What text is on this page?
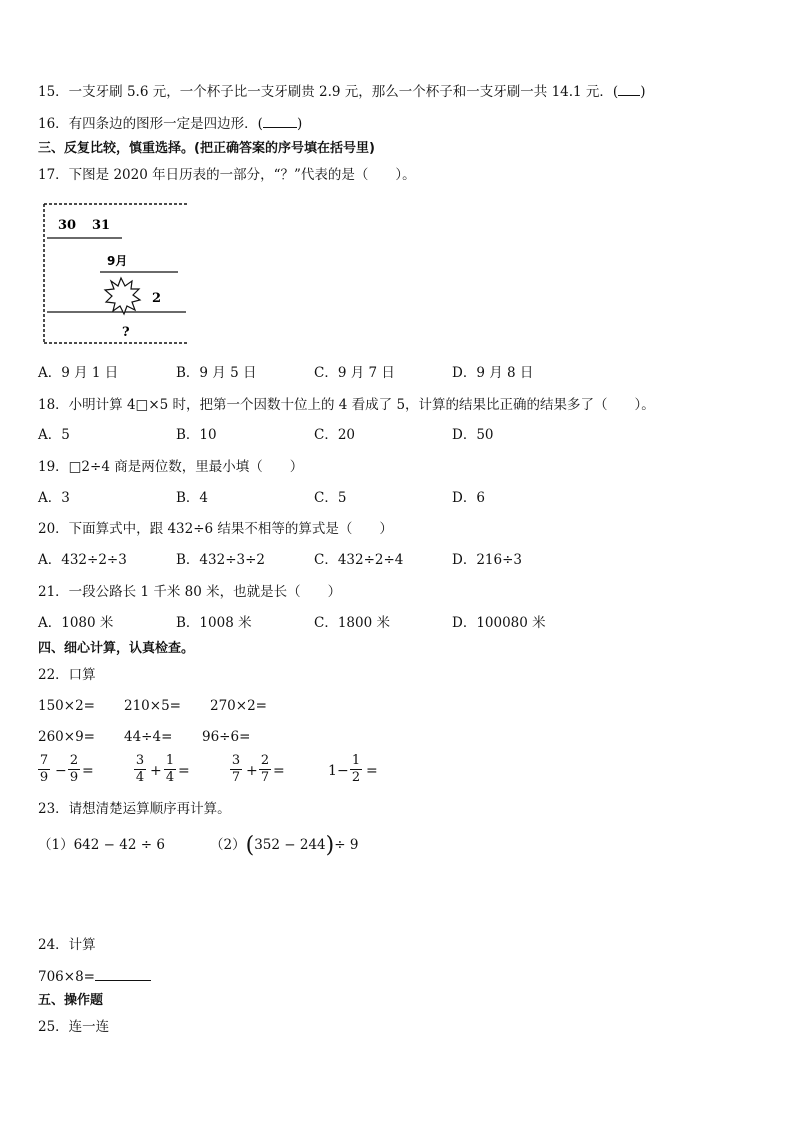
15．一支牙刷 5.6 元，一个杯子比一支牙刷贵 2.9 元，那么一个杯子和一支牙刷一共 14.1 元．( )
16．有四条边的图形一定是四边形．(	)
三、反复比较，慎重选择。(把正确答案的序号填在括号里)
17．下图是 2020 年日历表的一部分，“？”代表的是（　　）。
30 31
9月
2
?
A．9 月 1 日	B．9 月 5 日	C．9 月 7 日	D．9 月 8 日
18．小明计算 4□×5 时，把第一个因数十位上的 4 看成了 5，计算的结果比正确的结果多了（　　）。
A．5	B．10	C．20	D．50
19．□2÷4 商是两位数，里最小填（　　）
A．3	B．4	C．5	D．6
20．下面算式中，跟 432÷6 结果不相等的算式是（　　）
A．432÷2÷3	B．432÷3÷2	C．432÷2÷4	D．216÷3
21．一段公路长 1 千米 80 米，也就是长（　　）
A．1080 米	B．1008 米	C．1800 米	D．100080 米
四、细心计算，认真检查。
22．口算
150×2= 210×5= 270×2=
260×9= 44÷4= 96÷6=
7
9 −
2
9 =
3
4 +
1
4 =
3
7 +
2
7 =	1 −
1
2 =
23．请想清楚运算顺序再计算。
（1）642 − 42 ÷ 6	（2）(352 − 244)÷ 9
24．计算
706×8=
五、操作题
25．连一连
